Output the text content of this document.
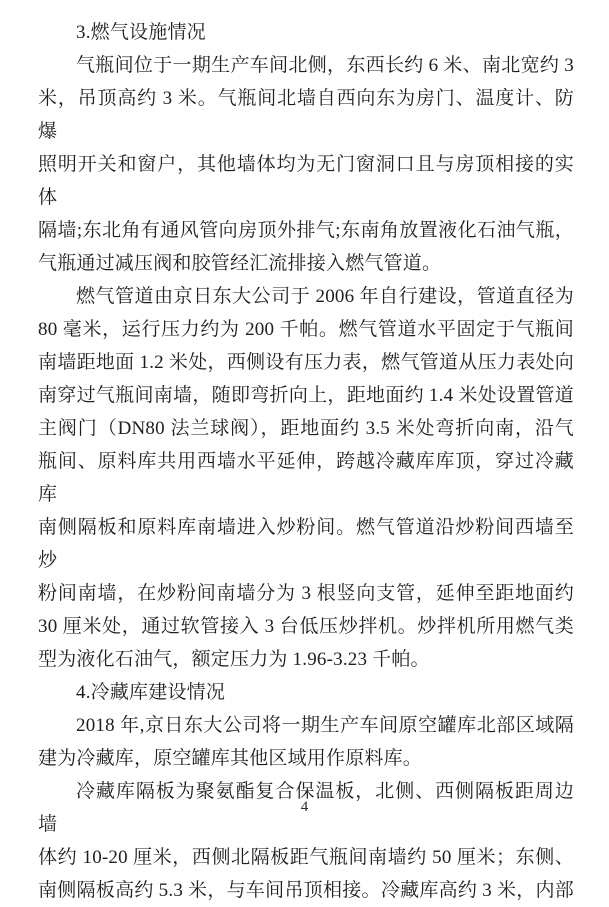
3.燃气设施情况
气瓶间位于一期生产车间北侧，东西长约 6 米、南北宽约 3
米，吊顶高约 3 米。气瓶间北墙自西向东为房门、温度计、防爆
照明开关和窗户，其他墙体均为无门窗洞口且与房顶相接的实体
隔墙;东北角有通风管向房顶外排气;东南角放置液化石油气瓶，
气瓶通过减压阀和胶管经汇流排接入燃气管道。
燃气管道由京日东大公司于 2006 年自行建设，管道直径为
80 毫米，运行压力约为 200 千帕。燃气管道水平固定于气瓶间
南墙距地面 1.2 米处，西侧设有压力表，燃气管道从压力表处向
南穿过气瓶间南墙，随即弯折向上，距地面约 1.4 米处设置管道
主阀门（DN80 法兰球阀），距地面约 3.5 米处弯折向南，沿气
瓶间、原料库共用西墙水平延伸，跨越冷藏库库顶，穿过冷藏库
南侧隔板和原料库南墙进入炒粉间。燃气管道沿炒粉间西墙至炒
粉间南墙，在炒粉间南墙分为 3 根竖向支管，延伸至距地面约
30 厘米处，通过软管接入 3 台低压炒拌机。炒拌机所用燃气类
型为液化石油气，额定压力为 1.96-3.23 千帕。
4.冷藏库建设情况
2018 年,京日东大公司将一期生产车间原空罐库北部区域隔
建为冷藏库，原空罐库其他区域用作原料库。
冷藏库隔板为聚氨酯复合保温板，北侧、西侧隔板距周边墙
体约 10-20 厘米，西侧北隔板距气瓶间南墙约 50 厘米；东侧、
南侧隔板高约 5.3 米，与车间吊顶相接。冷藏库高约 3 米，内部
4
